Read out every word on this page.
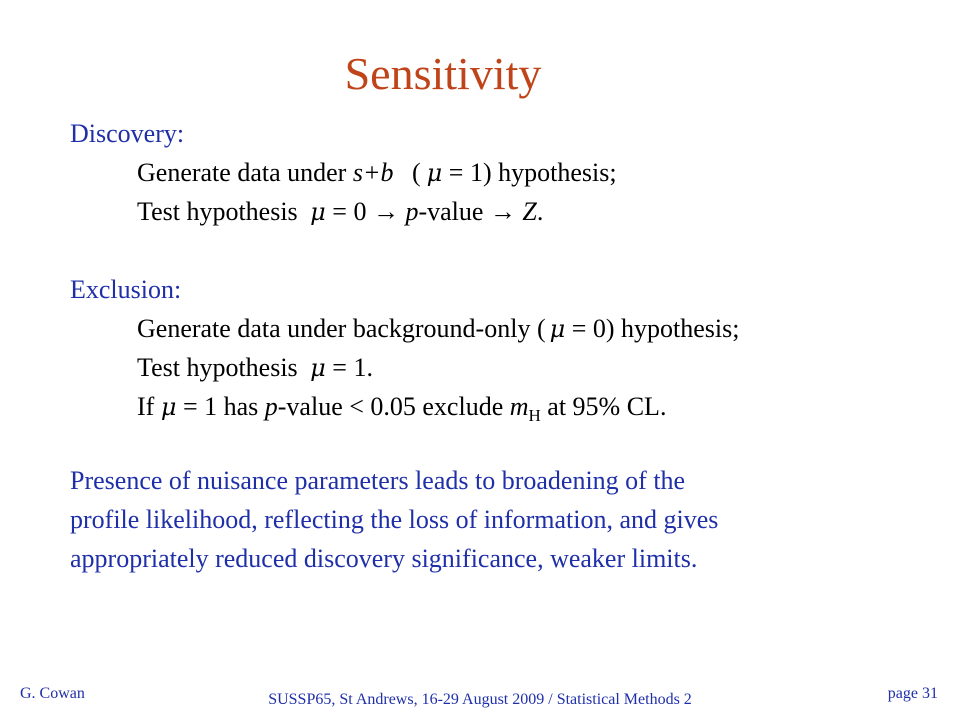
Sensitivity
Discovery:
Generate data under s+b ( μ = 1) hypothesis;
Test hypothesis μ = 0 → p-value → Z.
Exclusion:
Generate data under background-only ( μ = 0) hypothesis;
Test hypothesis μ = 1.
If μ = 1 has p-value < 0.05 exclude $m_H$ at 95% CL.
Presence of nuisance parameters leads to broadening of the
profile likelihood, reflecting the loss of information, and gives
appropriately reduced discovery significance, weaker limits.
G. Cowan	SUSSP65, St Andrews, 16-29 August 2009 / Statistical Methods 2	page 31
